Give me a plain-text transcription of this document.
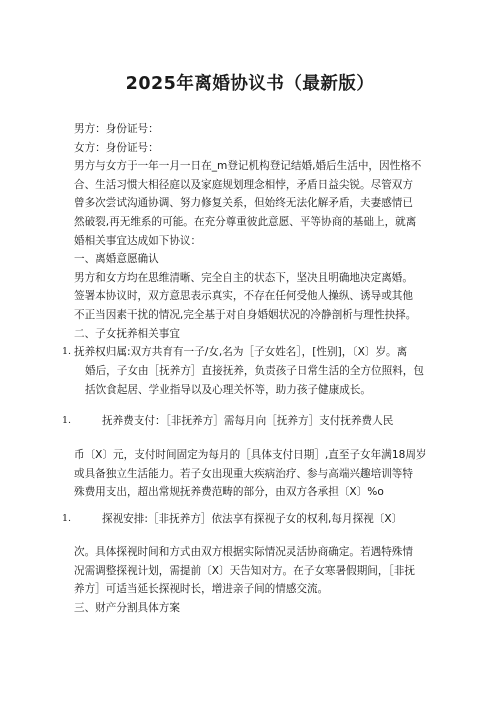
2025年离婚协议书（最新版）
男方：身份证号：
女方：身份证号：
男方与女方于一年一月一日在_m登记机构登记结婚,婚后生活中，因性格不
合、生活习惯大相径庭以及家庭规划理念相悖，矛盾日益尖锐。尽管双方
曾多次尝试沟通协调、努力修复关系，但始终无法化解矛盾，夫妻感情已
然破裂,再无维系的可能。在充分尊重彼此意愿、平等协商的基础上，就离
婚相关事宜达成如下协议：
一、离婚意愿确认
男方和女方均在思维清晰、完全自主的状态下，坚决且明确地决定离婚。
签署本协议时，双方意思表示真实，不存在任何受他人操纵、诱导或其他
不正当因素干扰的情况,完全基于对自身婚姻状况的冷静剖析与理性抉择。
二、子女抚养相关事宜
1. 抚养权归属:双方共育有一子/女,名为［子女姓名］，[性别]，〔X〕岁。离
婚后，子女由［抚养方］直接抚养，负责孩子日常生活的全方位照料，包
括饮食起居、学业指导以及心理关怀等，助力孩子健康成长。
1.	抚养费支付：［非抚养方］需每月向［抚养方］支付抚养费人民
币〔X〕元，支付时间固定为每月的［具体支付日期］,直至子女年满18周岁
或具备独立生活能力。若子女出现重大疾病治疗、参与高端兴趣培训等特
殊费用支出，超出常规抚养费范畴的部分，由双方各承担〔X〕%o
1.	探视安排:［非抚养方］依法享有探视子女的权利,每月探视〔X〕
次。具体探视时间和方式由双方根据实际情况灵活协商确定。若遇特殊情
况需调整探视计划，需提前〔X〕天告知对方。在子女寒暑假期间，［非抚
养方］可适当延长探视时长，增进亲子间的情感交流。
三、财产分割具体方案
